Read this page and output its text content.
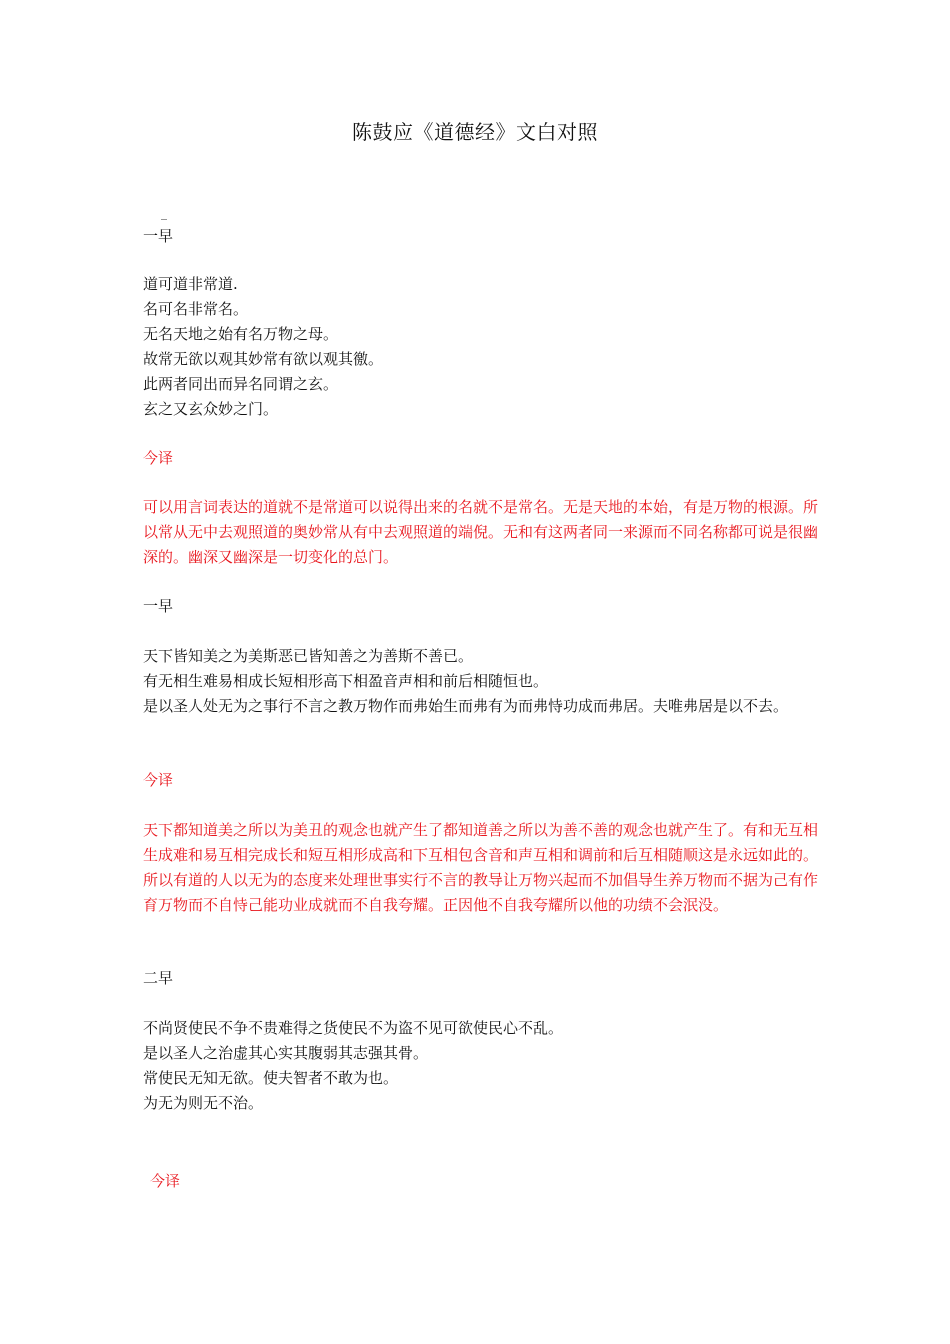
陈鼓应《道德经》文白对照
_
一早
道可道非常道.
名可名非常名。
无名天地之始有名万物之母。
故常无欲以观其妙常有欲以观其徼。
此两者同出而异名同谓之玄。
玄之又玄众妙之门。
今译
可以用言词表达的道就不是常道可以说得出来的名就不是常名。无是天地的本始，有是万物的根源。所以常从无中去观照道的奥妙常从有中去观照道的端倪。无和有这两者同一来源而不同名称都可说是很幽深的。幽深又幽深是一切变化的总门。
一早
天下皆知美之为美斯恶已皆知善之为善斯不善已。
有无相生难易相成长短相形高下相盈音声相和前后相随恒也。
是以圣人处无为之事行不言之教万物作而弗始生而弗有为而弗恃功成而弗居。夫唯弗居是以不去。
今译
天下都知道美之所以为美丑的观念也就产生了都知道善之所以为善不善的观念也就产生了。有和无互相生成难和易互相完成长和短互相形成高和下互相包含音和声互相和调前和后互相随顺这是永远如此的。所以有道的人以无为的态度来处理世事实行不言的教导让万物兴起而不加倡导生养万物而不据为己有作育万物而不自恃己能功业成就而不自我夸耀。正因他不自我夸耀所以他的功绩不会泯没。
二早
不尚贤使民不争不贵难得之货使民不为盗不见可欲使民心不乱。
是以圣人之治虚其心实其腹弱其志强其骨。
常使民无知无欲。使夫智者不敢为也。
为无为则无不治。
今译
